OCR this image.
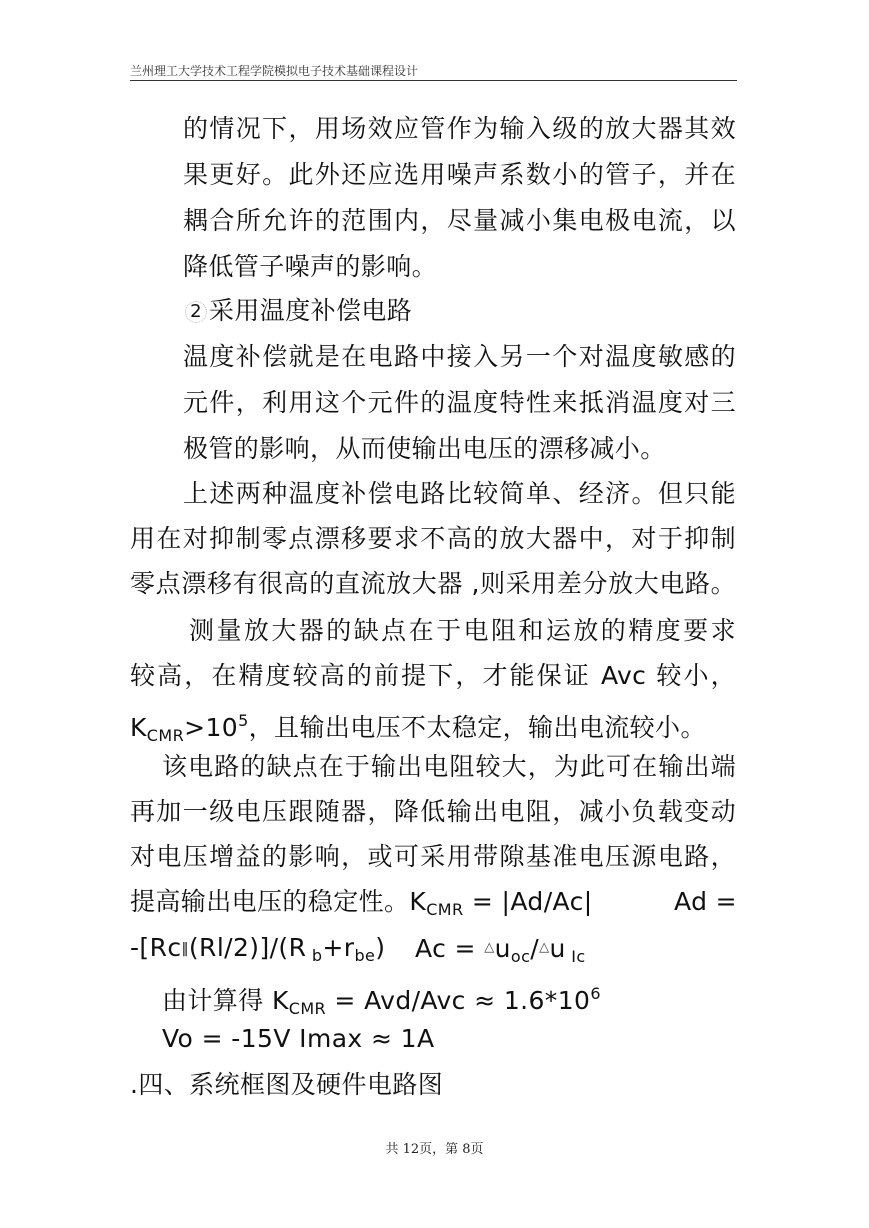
兰州理工大学技术工程学院模拟电子技术基础课程设计
的情况下，用场效应管作为输入级的放大器其效
果更好。此外还应选用噪声系数小的管子，并在
耦合所允许的范围内，尽量减小集电极电流，以
降低管子噪声的影响。
2 采用温度补偿电路
温度补偿就是在电路中接入另一个对温度敏感的
元件，利用这个元件的温度特性来抵消温度对三
极管的影响，从而使输出电压的漂移减小。
上述两种温度补偿电路比较简单、经济。但只能
用在对抑制零点漂移要求不高的放大器中，对于抑制
零点漂移有很高的直流放大器 ,则采用差分放大电路。
测量放大器的缺点在于电阻和运放的精度要求
较高，在精度较高的前提下，才能保证 Avc 较小，
$K_{CMR}>10^5$，且输出电压不太稳定，输出电流较小。
该电路的缺点在于输出电阻较大，为此可在输出端
再加一级电压跟随器，降低输出电阻，减小负载变动
对电压增益的影响，或可采用带隙基准电压源电路，
提高输出电压的稳定性。$K_{CMR} = |Ad/Ac|$	Ad =
-[Rc‖(Rl/2)]/(R $_b+r_{be}$) $Ac = ^\triangle u_{oc}/^\triangle u$ $_{Ic}$
由计算得 $K_{CMR} = Avd/Avc \approx 1.6*10^6$
Vo = -15V Imax ≈ 1A
.四、系统框图及硬件电路图
共 12页，第 8页
